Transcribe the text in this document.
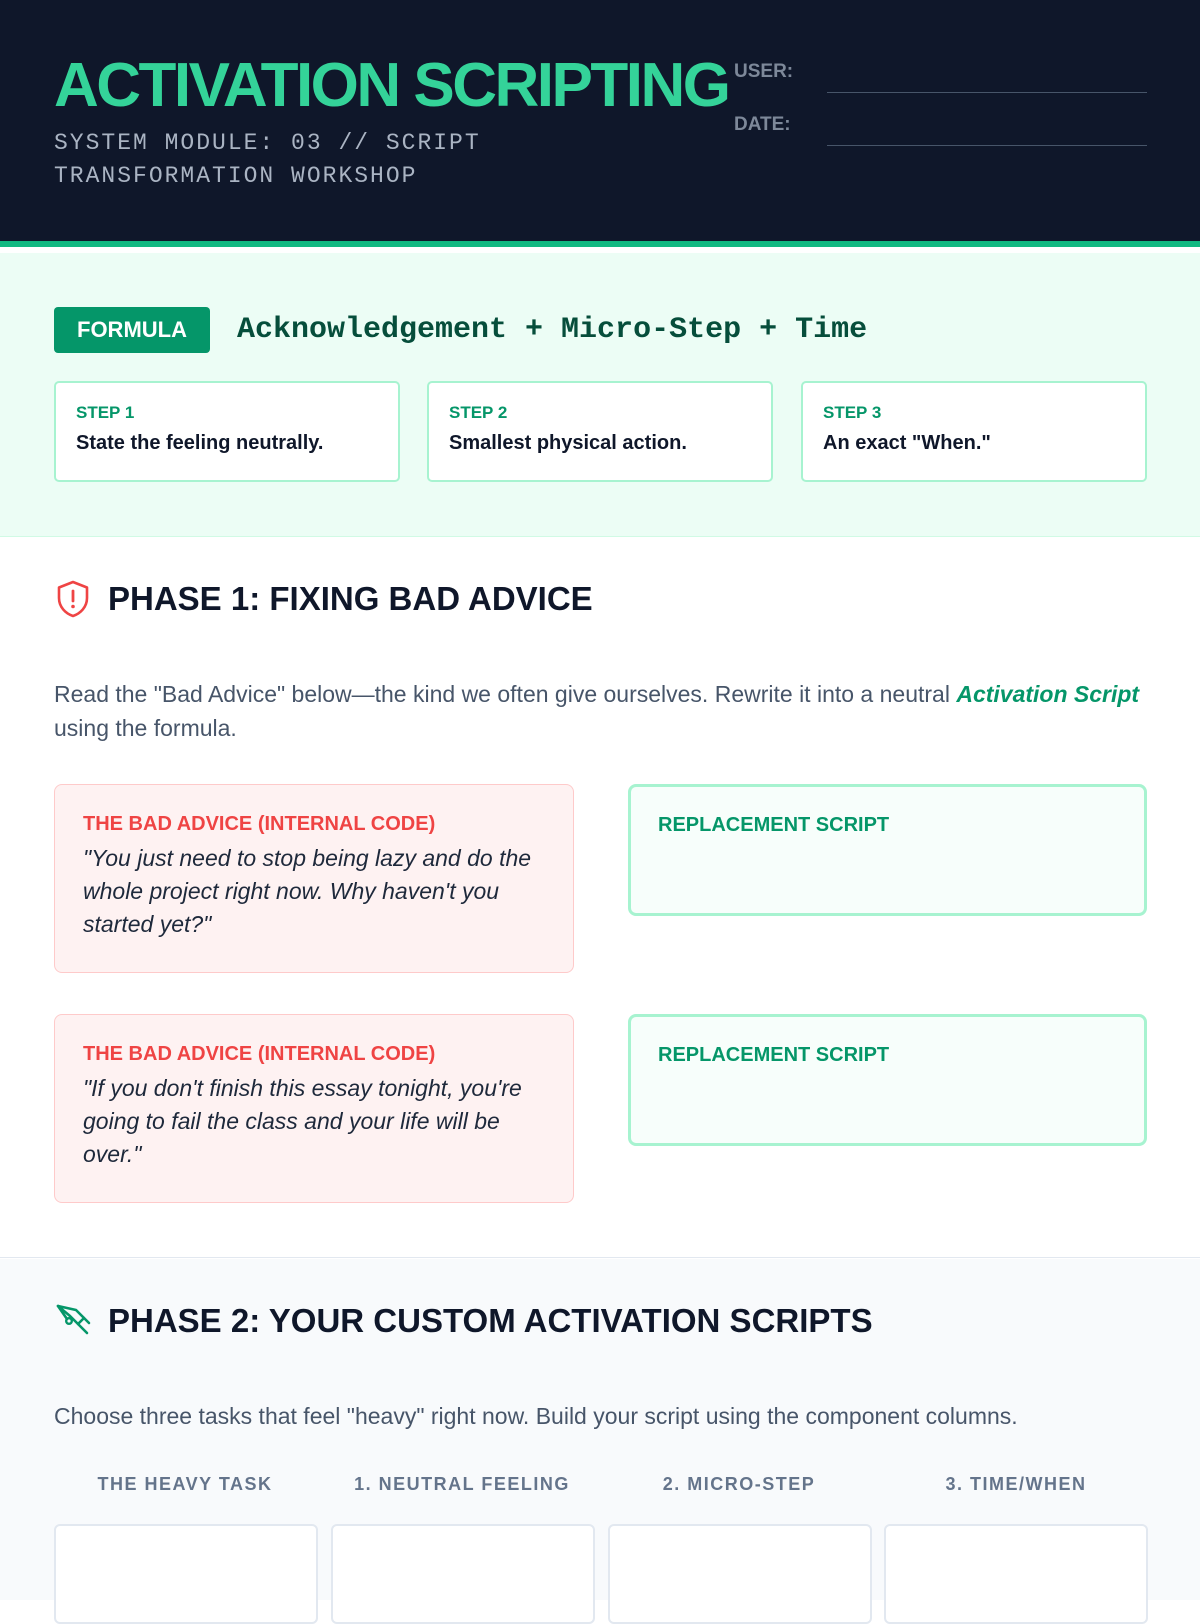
ACTIVATION SCRIPTING
SYSTEM MODULE: 03 // SCRIPT TRANSFORMATION WORKSHOP
USER:
DATE:
FORMULA	Acknowledgement + Micro-Step + Time
STEP 1
State the feeling neutrally.
STEP 2
Smallest physical action.
STEP 3
An exact "When."
PHASE 1: FIXING BAD ADVICE

Read the "Bad Advice" below—the kind we often give ourselves. Rewrite it into a neutral Activation Script using the formula.

THE BAD ADVICE (INTERNAL CODE)
"You just need to stop being lazy and do the whole project right now. Why haven't you started yet?"
REPLACEMENT SCRIPT
THE BAD ADVICE (INTERNAL CODE)
"If you don't finish this essay tonight, you're going to fail the class and your life will be over."
REPLACEMENT SCRIPT
PHASE 2: YOUR CUSTOM ACTIVATION SCRIPTS

Choose three tasks that feel "heavy" right now. Build your script using the component columns.

THE HEAVY TASK	1. NEUTRAL FEELING	2. MICRO-STEP	3. TIME/WHEN
